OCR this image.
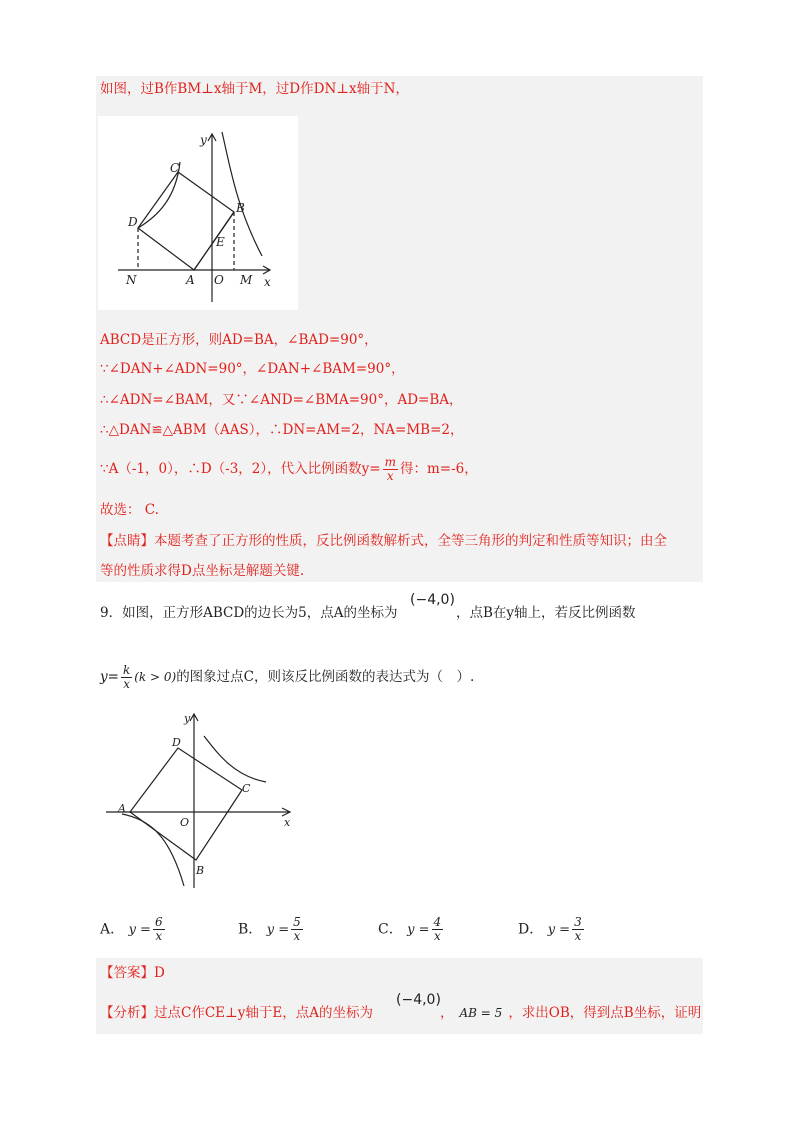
如图，过B作BM⊥x轴于M，过D作DN⊥x轴于N，
y
x
C
D
B
E
N	A O M
ABCD是正方形，则AD=BA，∠BAD=90°，
∵∠DAN+∠ADN=90°，∠DAN+∠BAM=90°，
∴∠ADN=∠BAM，又∵∠AND=∠BMA=90°，AD=BA，
∴△DAN≌△ABM（AAS），∴DN=AM=2，NA=MB=2，
∵A（-1，0），∴D（-3，2），代入比例函数$y= \frac{m}{x}$ 得：m=-6，
故选： C.
【点睛】本题考查了正方形的性质，反比例函数解析式，全等三角形的判定和性质等知识；由全
等的性质求得D点坐标是解题关键.
9．如图，正方形ABCD的边长为5，点A的坐标为
(−4,0)
，点B在y轴上，若反比例函数
$y= \frac{k}{x} (k > 0)$的图象过点C，则该反比例函数的表达式为（　）.
y
x
D
A
O
C
B
A． $y = \frac{6}{x}$	B． $y = \frac{5}{x}$	C． $y = \frac{4}{x}$	D． $y = \frac{3}{x}$
【答案】D
【分析】过点C作CE⊥y轴于E，点A的坐标为
(−4,0)
， AB = 5 ，求出OB，得到点B坐标，证明
